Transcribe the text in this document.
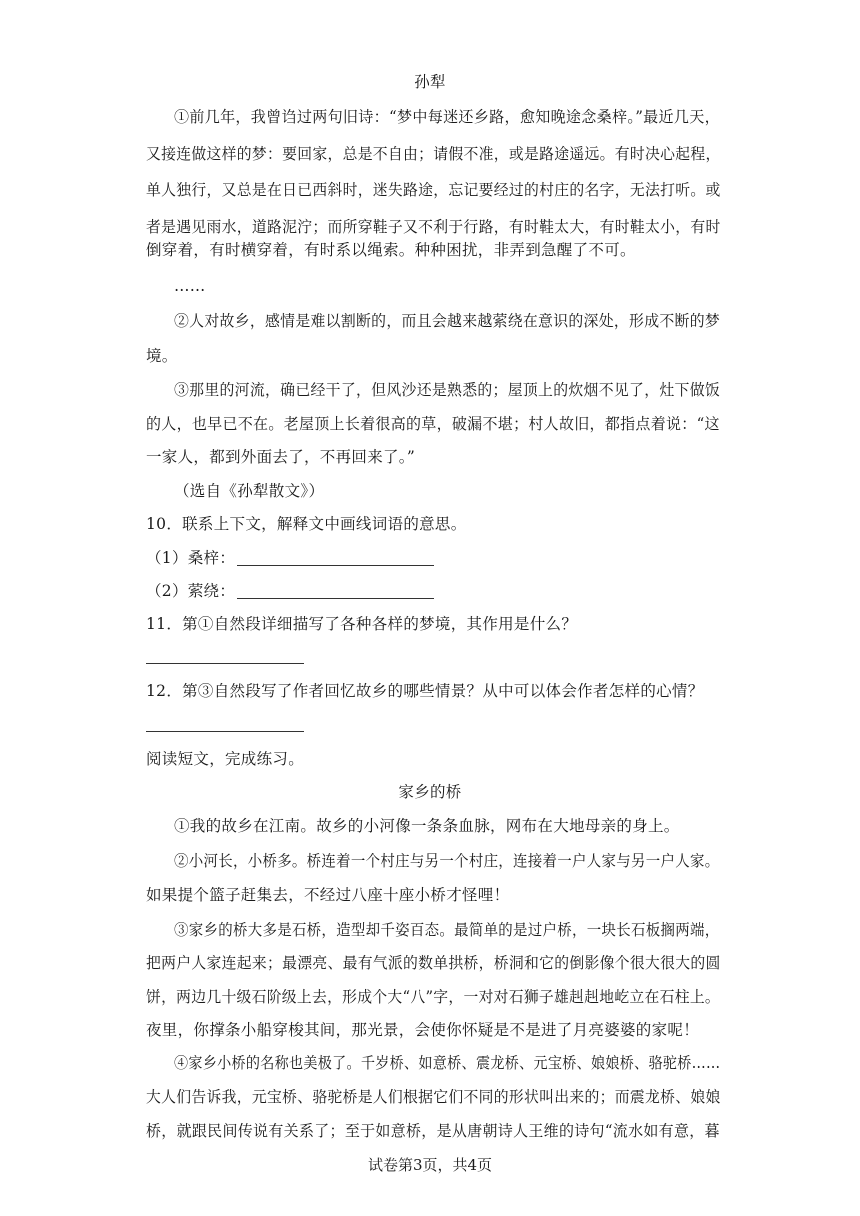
孙犁
①前几年，我曾诌过两句旧诗：“梦中每迷还乡路，愈知晚途念桑梓。”最近几天，
又接连做这样的梦：要回家，总是不自由；请假不准，或是路途遥远。有时决心起程，
单人独行，又总是在日已西斜时，迷失路途，忘记要经过的村庄的名字，无法打听。或
者是遇见雨水，道路泥泞；而所穿鞋子又不利于行路，有时鞋太大，有时鞋太小，有时
倒穿着，有时横穿着，有时系以绳索。种种困扰，非弄到急醒了不可。
……
②人对故乡，感情是难以割断的，而且会越来越萦绕在意识的深处，形成不断的梦
境。
③那里的河流，确已经干了，但风沙还是熟悉的；屋顶上的炊烟不见了，灶下做饭
的人，也早已不在。老屋顶上长着很高的草，破漏不堪；村人故旧，都指点着说：“这
一家人，都到外面去了，不再回来了。”
（选自《孙犁散文》）
10．联系上下文，解释文中画线词语的意思。
（1）桑梓：
（2）萦绕：
11．第①自然段详细描写了各种各样的梦境，其作用是什么？
12．第③自然段写了作者回忆故乡的哪些情景？从中可以体会作者怎样的心情？
阅读短文，完成练习。
家乡的桥
①我的故乡在江南。故乡的小河像一条条血脉，网布在大地母亲的身上。
②小河长，小桥多。桥连着一个村庄与另一个村庄，连接着一户人家与另一户人家。
如果提个篮子赶集去，不经过八座十座小桥才怪哩！
③家乡的桥大多是石桥，造型却千姿百态。最简单的是过户桥，一块长石板搁两端，
把两户人家连起来；最漂亮、最有气派的数单拱桥，桥洞和它的倒影像个很大很大的圆
饼，两边几十级石阶级上去，形成个大“八”字，一对对石狮子雄赳赳地屹立在石柱上。
夜里，你撑条小船穿梭其间，那光景，会使你怀疑是不是进了月亮婆婆的家呢！
④家乡小桥的名称也美极了。千岁桥、如意桥、震龙桥、元宝桥、娘娘桥、骆驼桥……
大人们告诉我，元宝桥、骆驼桥是人们根据它们不同的形状叫出来的；而震龙桥、娘娘
桥，就跟民间传说有关系了；至于如意桥，是从唐朝诗人王维的诗句“流水如有意，暮
试卷第3页，共4页
